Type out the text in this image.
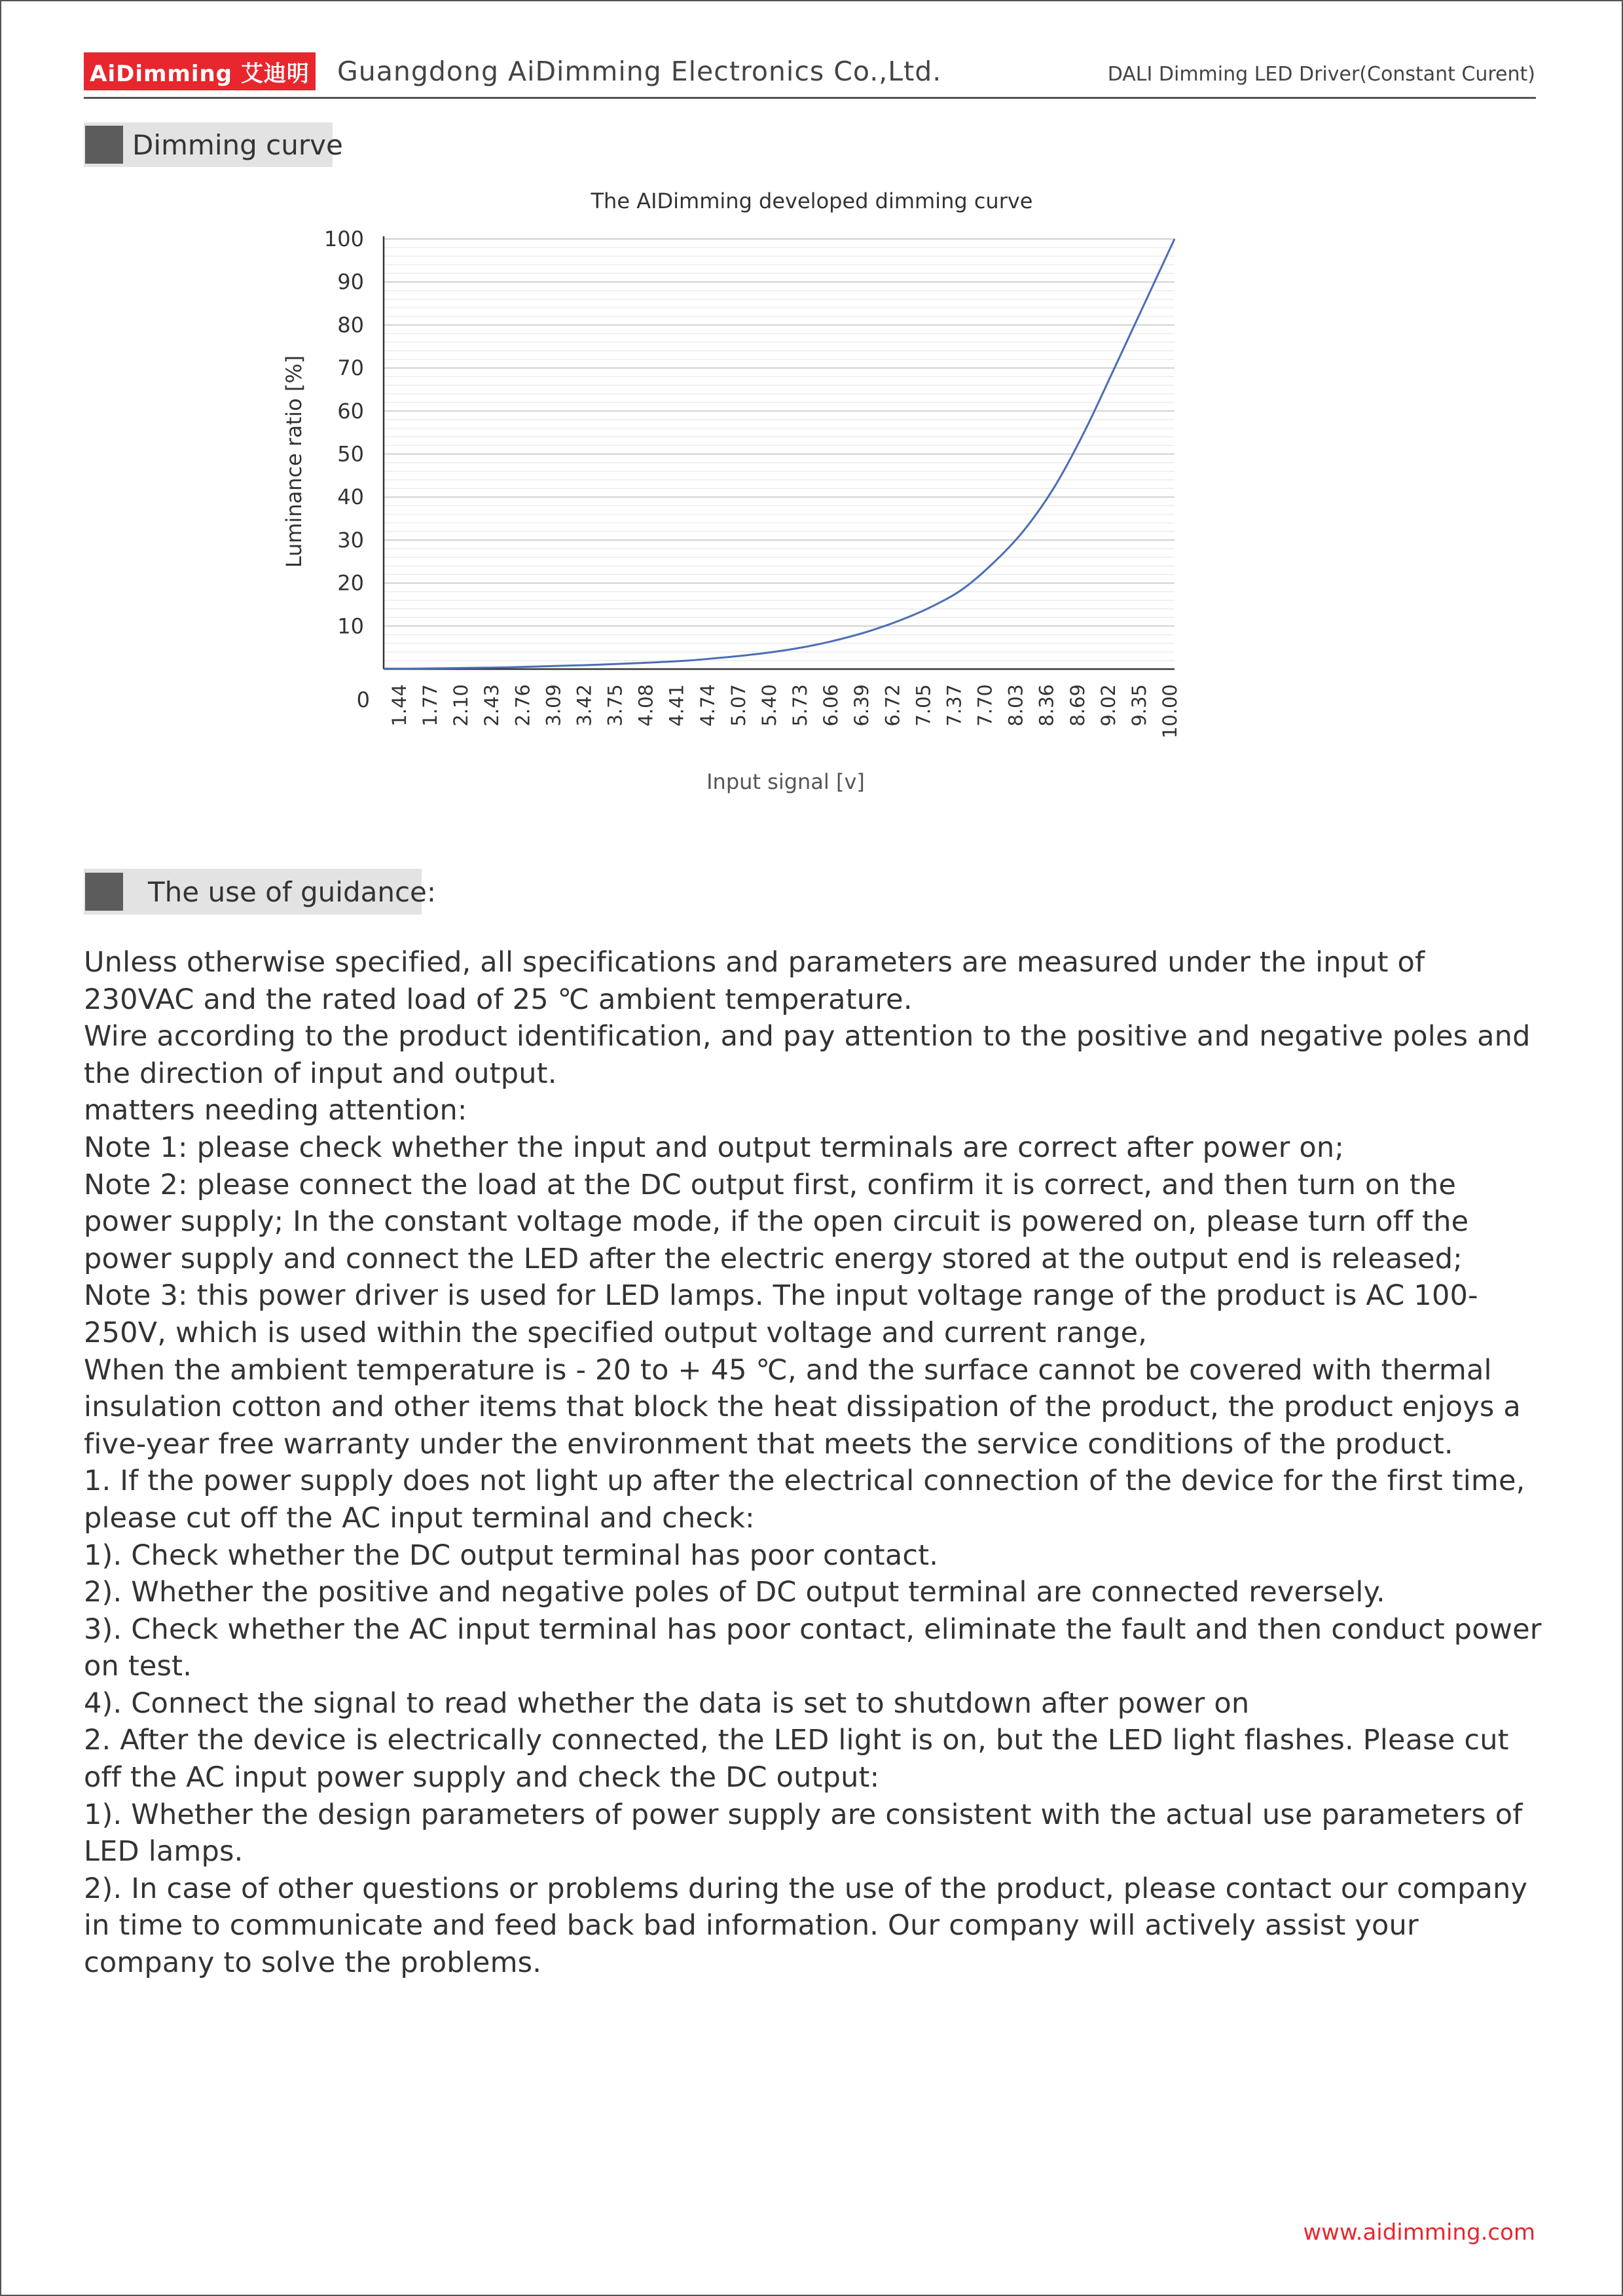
AiDimming 艾迪明 Guangdong AiDimming Electronics Co.,Ltd.	DALI Dimming LED Driver(Constant Curent)
Dimming curve
The AIDimming developed dimming curve
Luminance ratio [%]
Input signal [v]
0
10
20
30
40
50
60
70
80
90
100
1.44 1.77 2.10 2.43 2.76 3.09 3.42 3.75 4.08 4.41 4.74 5.07 5.40 5.73 6.06 6.39 6.72 7.05 7.37 7.70 8.03 8.36 8.69 9.02 9.35 10.00
The use of guidance:

Unless otherwise specified, all specifications and parameters are measured under the input of 230VAC and the rated load of 25 ℃ ambient temperature.

Wire according to the product identification, and pay attention to the positive and negative poles and the direction of input and output.

matters needing attention:

Note 1: please check whether the input and output terminals are correct after power on;

Note 2: please connect the load at the DC output first, confirm it is correct, and then turn on the power supply; In the constant voltage mode, if the open circuit is powered on, please turn off the power supply and connect the LED after the electric energy stored at the output end is released;

Note 3: this power driver is used for LED lamps. The input voltage range of the product is AC 100-250V, which is used within the specified output voltage and current range,

When the ambient temperature is - 20 to + 45 ℃, and the surface cannot be covered with thermal insulation cotton and other items that block the heat dissipation of the product, the product enjoys a five-year free warranty under the environment that meets the service conditions of the product.

1. If the power supply does not light up after the electrical connection of the device for the first time, please cut off the AC input terminal and check:

1). Check whether the DC output terminal has poor contact.

2). Whether the positive and negative poles of DC output terminal are connected reversely.

3). Check whether the AC input terminal has poor contact, eliminate the fault and then conduct power on test.

4). Connect the signal to read whether the data is set to shutdown after power on

2. After the device is electrically connected, the LED light is on, but the LED light flashes. Please cut off the AC input power supply and check the DC output:

1). Whether the design parameters of power supply are consistent with the actual use parameters of LED lamps.

2). In case of other questions or problems during the use of the product, please contact our company in time to communicate and feed back bad information. Our company will actively assist your company to solve the problems.

www.aidimming.com
